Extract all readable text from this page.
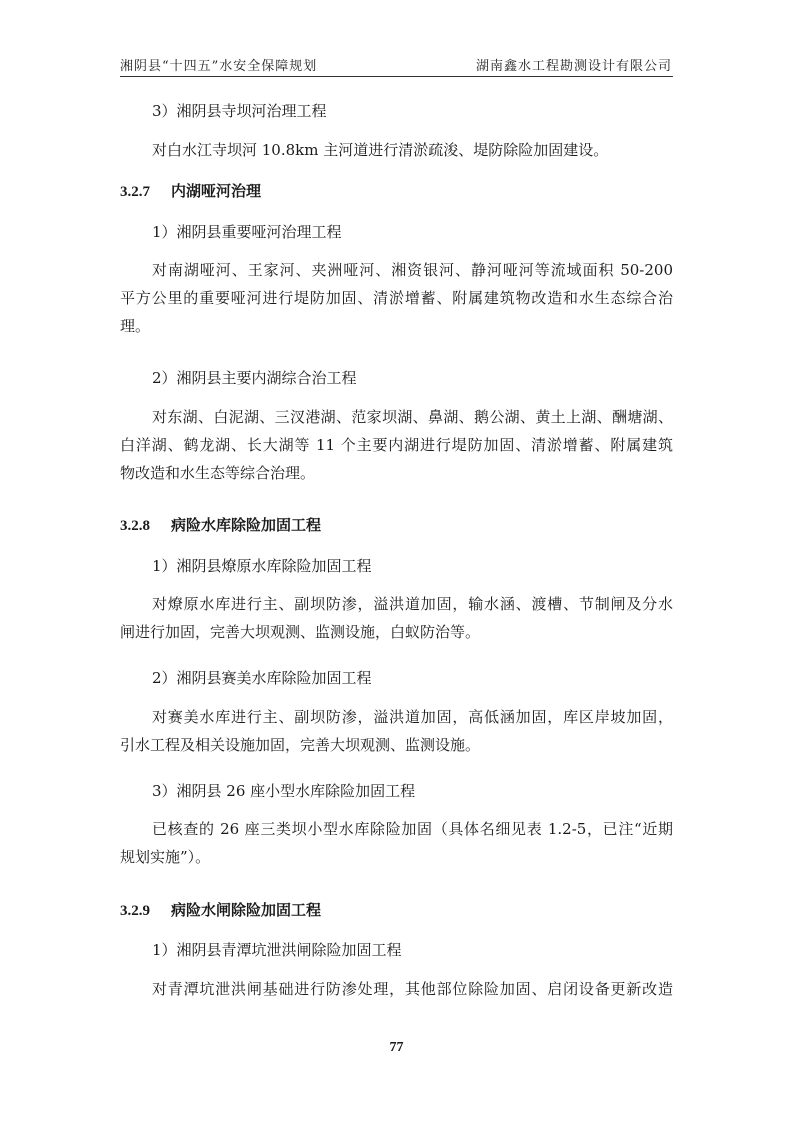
湘阴县“十四五”水安全保障规划	湖南鑫水工程勘测设计有限公司
3）湘阴县寺坝河治理工程
对白水江寺坝河 10.8km 主河道进行清淤疏浚、堤防除险加固建设。
3.2.7 内湖哑河治理
1）湘阴县重要哑河治理工程
对南湖哑河、王家河、夹洲哑河、湘资银河、静河哑河等流域面积 50-200
平方公里的重要哑河进行堤防加固、清淤增蓄、附属建筑物改造和水生态综合治
理。
2）湘阴县主要内湖综合治工程
对东湖、白泥湖、三汊港湖、范家坝湖、鼻湖、鹅公湖、黄土上湖、酬塘湖、
白洋湖、鹤龙湖、长大湖等 11 个主要内湖进行堤防加固、清淤增蓄、附属建筑
物改造和水生态等综合治理。
3.2.8 病险水库除险加固工程
1）湘阴县燎原水库除险加固工程
对燎原水库进行主、副坝防渗，溢洪道加固，输水涵、渡槽、节制闸及分水
闸进行加固，完善大坝观测、监测设施，白蚁防治等。
2）湘阴县赛美水库除险加固工程
对赛美水库进行主、副坝防渗，溢洪道加固，高低涵加固，库区岸坡加固，
引水工程及相关设施加固，完善大坝观测、监测设施。
3）湘阴县 26 座小型水库除险加固工程
已核查的 26 座三类坝小型水库除险加固（具体名细见表 1.2-5，已注“近期
规划实施”）。
3.2.9 病险水闸除险加固工程
1）湘阴县青潭坑泄洪闸除险加固工程
对青潭坑泄洪闸基础进行防渗处理，其他部位除险加固、启闭设备更新改造
77
